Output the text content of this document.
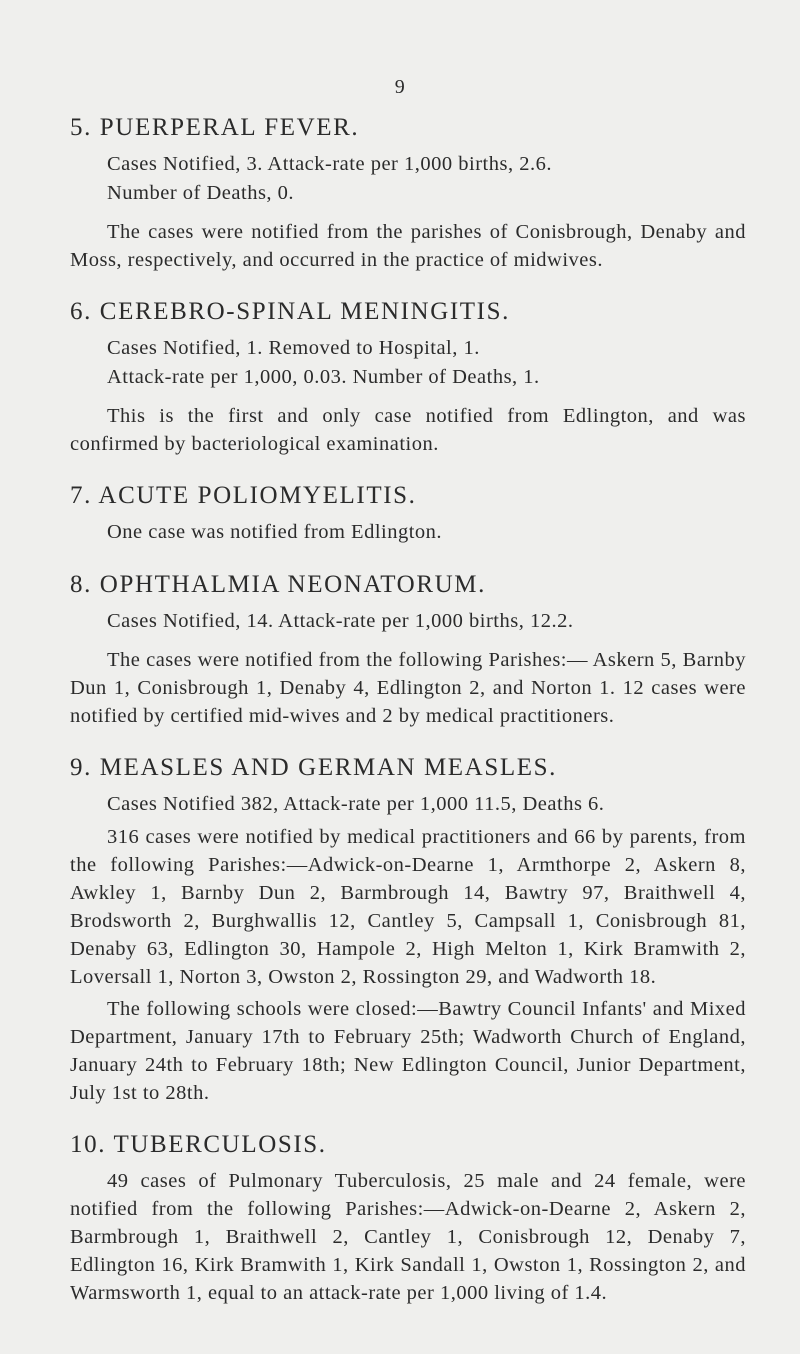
9
5. PUERPERAL FEVER.

Cases Notified, 3. Attack-rate per 1,000 births, 2.6.

Number of Deaths, 0.

The cases were notified from the parishes of Conisbrough, Denaby and Moss, respectively, and occurred in the practice of midwives.

6. CEREBRO-SPINAL MENINGITIS.

Cases Notified, 1. Removed to Hospital, 1.

Attack-rate per 1,000, 0.03. Number of Deaths, 1.

This is the first and only case notified from Edlington, and was confirmed by bacteriological examination.

7. ACUTE POLIOMYELITIS.

One case was notified from Edlington.

8. OPHTHALMIA NEONATORUM.

Cases Notified, 14. Attack-rate per 1,000 births, 12.2.

The cases were notified from the following Parishes:— Askern 5, Barnby Dun 1, Conisbrough 1, Denaby 4, Edlington 2, and Norton 1. 12 cases were notified by certified mid-wives and 2 by medical practitioners.

9. MEASLES AND GERMAN MEASLES.

Cases Notified 382, Attack-rate per 1,000 11.5, Deaths 6.

316 cases were notified by medical practitioners and 66 by parents, from the following Parishes:—Adwick-on-Dearne 1, Armthorpe 2, Askern 8, Awkley 1, Barnby Dun 2, Barmbrough 14, Bawtry 97, Braithwell 4, Brodsworth 2, Burghwallis 12, Cantley 5, Campsall 1, Conisbrough 81, Denaby 63, Edlington 30, Hampole 2, High Melton 1, Kirk Bramwith 2, Loversall 1, Norton 3, Owston 2, Rossington 29, and Wadworth 18.

The following schools were closed:—Bawtry Council Infants' and Mixed Department, January 17th to February 25th; Wadworth Church of England, January 24th to February 18th; New Edlington Council, Junior Department, July 1st to 28th.

10. TUBERCULOSIS.

49 cases of Pulmonary Tuberculosis, 25 male and 24 female, were notified from the following Parishes:—Adwick-on-Dearne 2, Askern 2, Barmbrough 1, Braithwell 2, Cantley 1, Conisbrough 12, Denaby 7, Edlington 16, Kirk Bramwith 1, Kirk Sandall 1, Owston 1, Rossington 2, and Warmsworth 1, equal to an attack-rate per 1,000 living of 1.4.
